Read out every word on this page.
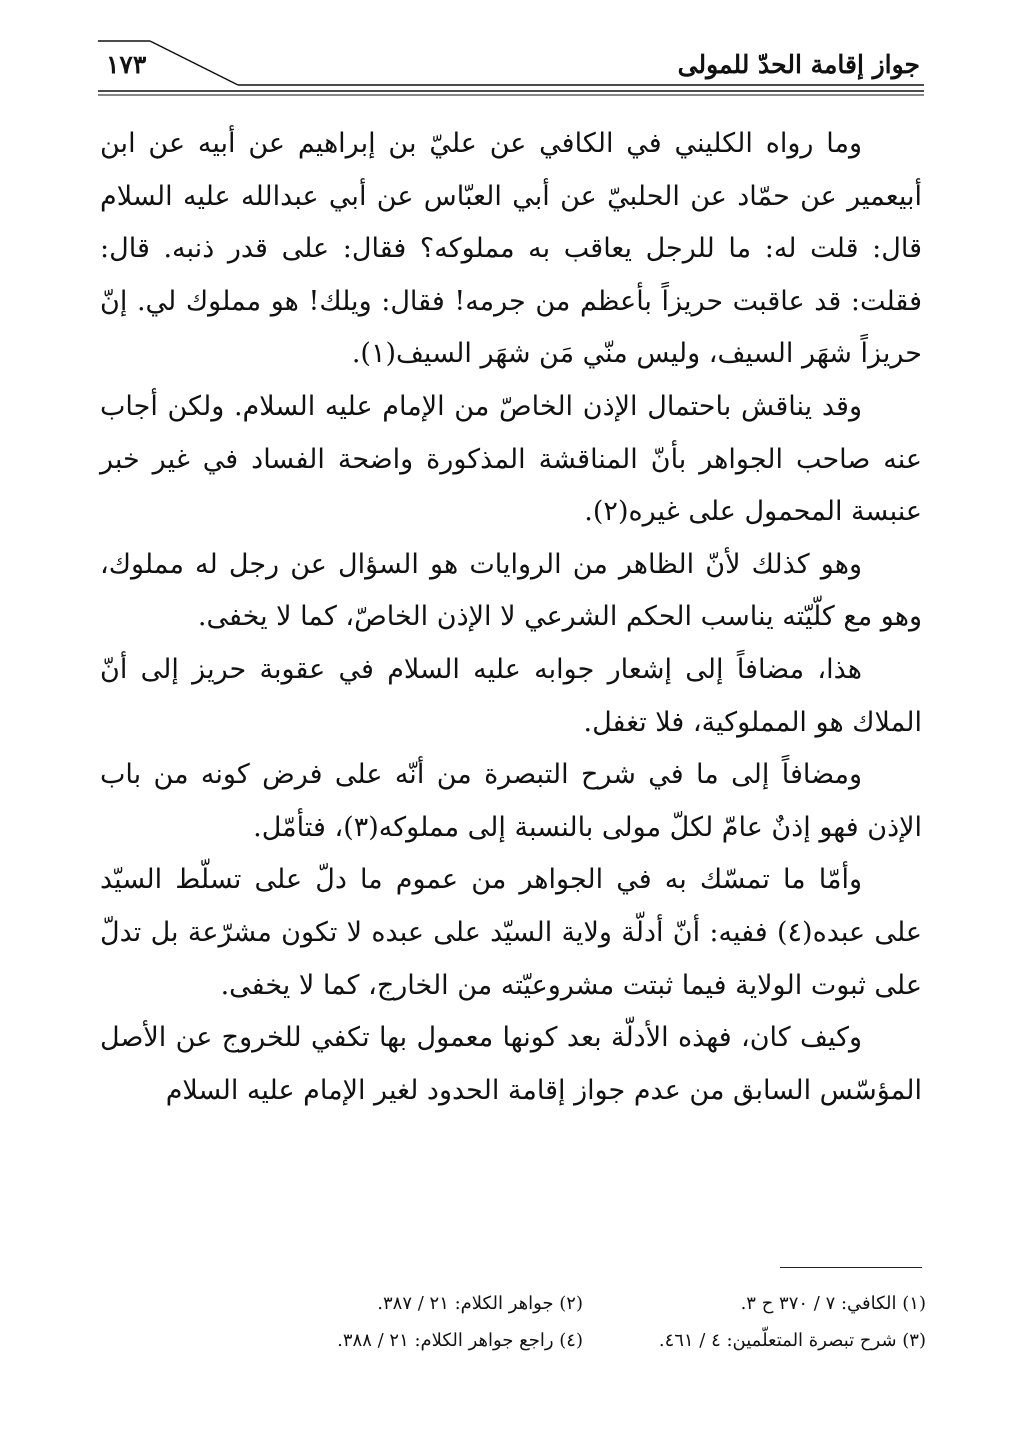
جواز إقامة الحدّ للمولى
١٧٣

وما رواه الكليني في الكافي عن عليّ بن إبراهيم عن أبيه عن ابن أبيعمير عن حمّاد عن الحلبيّ عن أبي العبّاس عن أبي عبدالله عليه السلام قال: قلت له: ما للرجل يعاقب به مملوكه؟ فقال: على قدر ذنبه. قال: فقلت: قد عاقبت حريزاً بأعظم من جرمه! فقال: ويلك! هو مملوك لي. إنّ حريزاً شهَر السيف، وليس منّي مَن شهَر السيف(١).

وقد يناقش باحتمال الإذن الخاصّ من الإمام عليه السلام. ولكن أجاب عنه صاحب الجواهر بأنّ المناقشة المذكورة واضحة الفساد في غير خبر عنبسة المحمول على غيره(٢).

وهو كذلك لأنّ الظاهر من الروايات هو السؤال عن رجل له مملوك، وهو مع كلّيّته يناسب الحكم الشرعي لا الإذن الخاصّ، كما لا يخفى.

هذا، مضافاً إلى إشعار جوابه عليه السلام في عقوبة حريز إلى أنّ الملاك هو المملوكية، فلا تغفل.

ومضافاً إلى ما في شرح التبصرة من أنّه على فرض كونه من باب الإذن فهو إذنٌ عامّ لكلّ مولى بالنسبة إلى مملوكه(٣)، فتأمّل.

وأمّا ما تمسّك به في الجواهر من عموم ما دلّ على تسلّط السيّد على عبده(٤) ففيه: أنّ أدلّة ولاية السيّد على عبده لا تكون مشرّعة بل تدلّ على ثبوت الولاية فيما ثبتت مشروعيّته من الخارج، كما لا يخفى.

وكيف كان، فهذه الأدلّة بعد كونها معمول بها تكفي للخروج عن الأصل المؤسّس السابق من عدم جواز إقامة الحدود لغير الإمام عليه السلام

(١) الكافي: ٧ / ٣٧٠ ح ٣.
(٢) جواهر الكلام: ٢١ / ٣٨٧.
(٣) شرح تبصرة المتعلّمين: ٤ / ٤٦١.
(٤) راجع جواهر الكلام: ٢١ / ٣٨٨.
